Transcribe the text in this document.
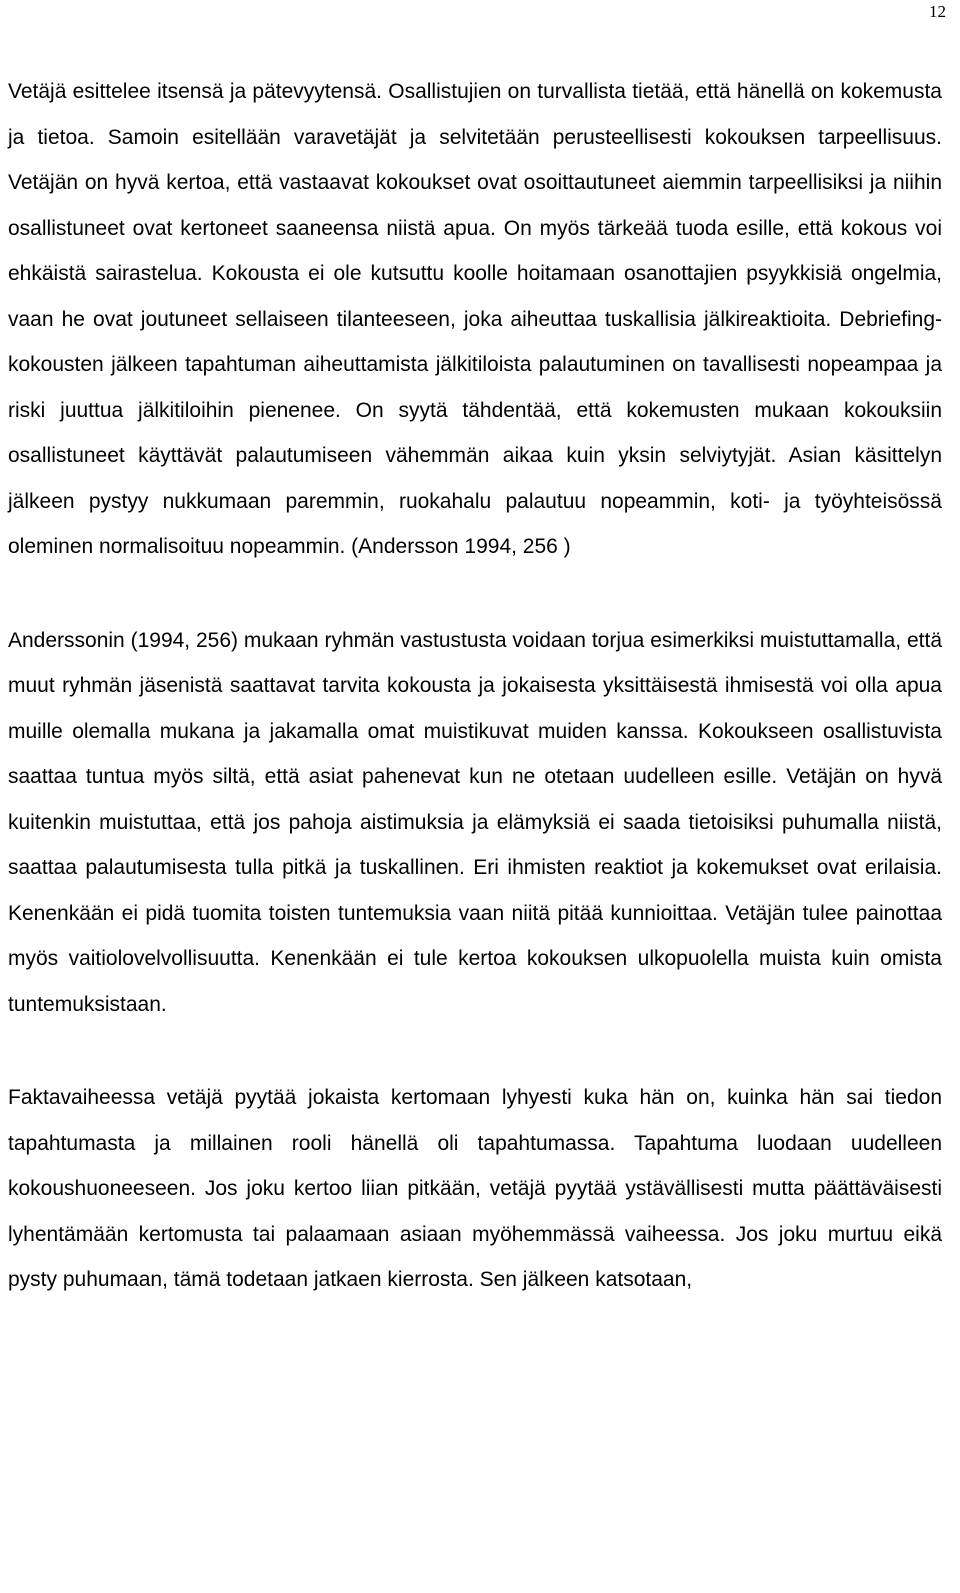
12

Vetäjä esittelee itsensä ja pätevyytensä. Osallistujien on turvallista tietää, että hänellä on kokemusta ja tietoa. Samoin esitellään varavetäjät ja selvitetään perusteellisesti kokouksen tarpeellisuus. Vetäjän on hyvä kertoa, että vastaavat kokoukset ovat osoittautuneet aiemmin tarpeellisiksi ja niihin osallistuneet ovat kertoneet saaneensa niistä apua. On myös tärkeää tuoda esille, että kokous voi ehkäistä sairastelua. Kokousta ei ole kutsuttu koolle hoitamaan osanottajien psyykkisiä ongelmia, vaan he ovat joutuneet sellaiseen tilanteeseen, joka aiheuttaa tuskallisia jälkireaktioita. Debriefing-kokousten jälkeen tapahtuman aiheuttamista jälkitiloista palautuminen on tavallisesti nopeampaa ja riski juuttua jälkitiloihin pienenee. On syytä tähdentää, että kokemusten mukaan kokouksiin osallistuneet käyttävät palautumiseen vähemmän aikaa kuin yksin selviytyjät. Asian käsittelyn jälkeen pystyy nukkumaan paremmin, ruokahalu palautuu nopeammin, koti- ja työyhteisössä oleminen normalisoituu nopeammin. (Andersson 1994, 256 )

Anderssonin (1994, 256) mukaan ryhmän vastustusta voidaan torjua esimerkiksi muistuttamalla, että muut ryhmän jäsenistä saattavat tarvita kokousta ja jokaisesta yksittäisestä ihmisestä voi olla apua muille olemalla mukana ja jakamalla omat muistikuvat muiden kanssa. Kokoukseen osallistuvista saattaa tuntua myös siltä, että asiat pahenevat kun ne otetaan uudelleen esille. Vetäjän on hyvä kuitenkin muistuttaa, että jos pahoja aistimuksia ja elämyksiä ei saada tietoisiksi puhumalla niistä, saattaa palautumisesta tulla pitkä ja tuskallinen. Eri ihmisten reaktiot ja kokemukset ovat erilaisia. Kenenkään ei pidä tuomita toisten tuntemuksia vaan niitä pitää kunnioittaa. Vetäjän tulee painottaa myös vaitiolovelvollisuutta. Kenenkään ei tule kertoa kokouksen ulkopuolella muista kuin omista tuntemuksistaan.

Faktavaiheessa vetäjä pyytää jokaista kertomaan lyhyesti kuka hän on, kuinka hän sai tiedon tapahtumasta ja millainen rooli hänellä oli tapahtumassa. Tapahtuma luodaan uudelleen kokoushuoneeseen. Jos joku kertoo liian pitkään, vetäjä pyytää ystävällisesti mutta päättäväisesti lyhentämään kertomusta tai palaamaan asiaan myöhemmässä vaiheessa. Jos joku murtuu eikä pysty puhumaan, tämä todetaan jatkaen kierrosta. Sen jälkeen katsotaan,
